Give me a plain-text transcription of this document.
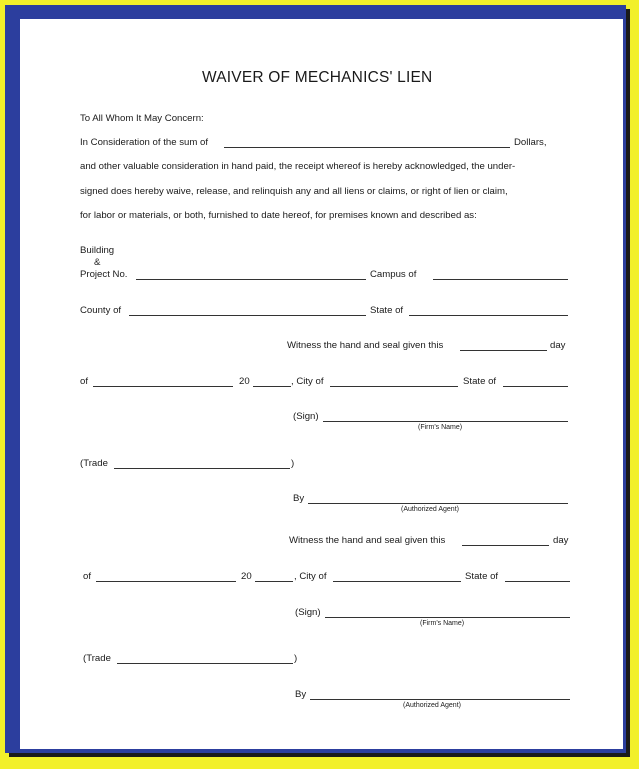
WAIVER OF MECHANICS' LIEN
To All Whom It May Concern:
In Consideration of the sum of	Dollars,
and other valuable consideration in hand paid, the receipt whereof is hereby acknowledged, the under-
signed does hereby waive, release, and relinquish any and all liens or claims, or right of lien or claim,
for labor or materials, or both, furnished to date hereof, for premises known and described as:
Building
&
Project No.	Campus of
County of	State of
Witness the hand and seal given this	day
of	20	, City of	State of
(Sign)
(Firm's Name)
(Trade	)
By
(Authorized Agent)
Witness the hand and seal given this	day
of	20	, City of	State of
(Sign)
(Firm's Name)
(Trade	)
By
(Authorized Agent)
